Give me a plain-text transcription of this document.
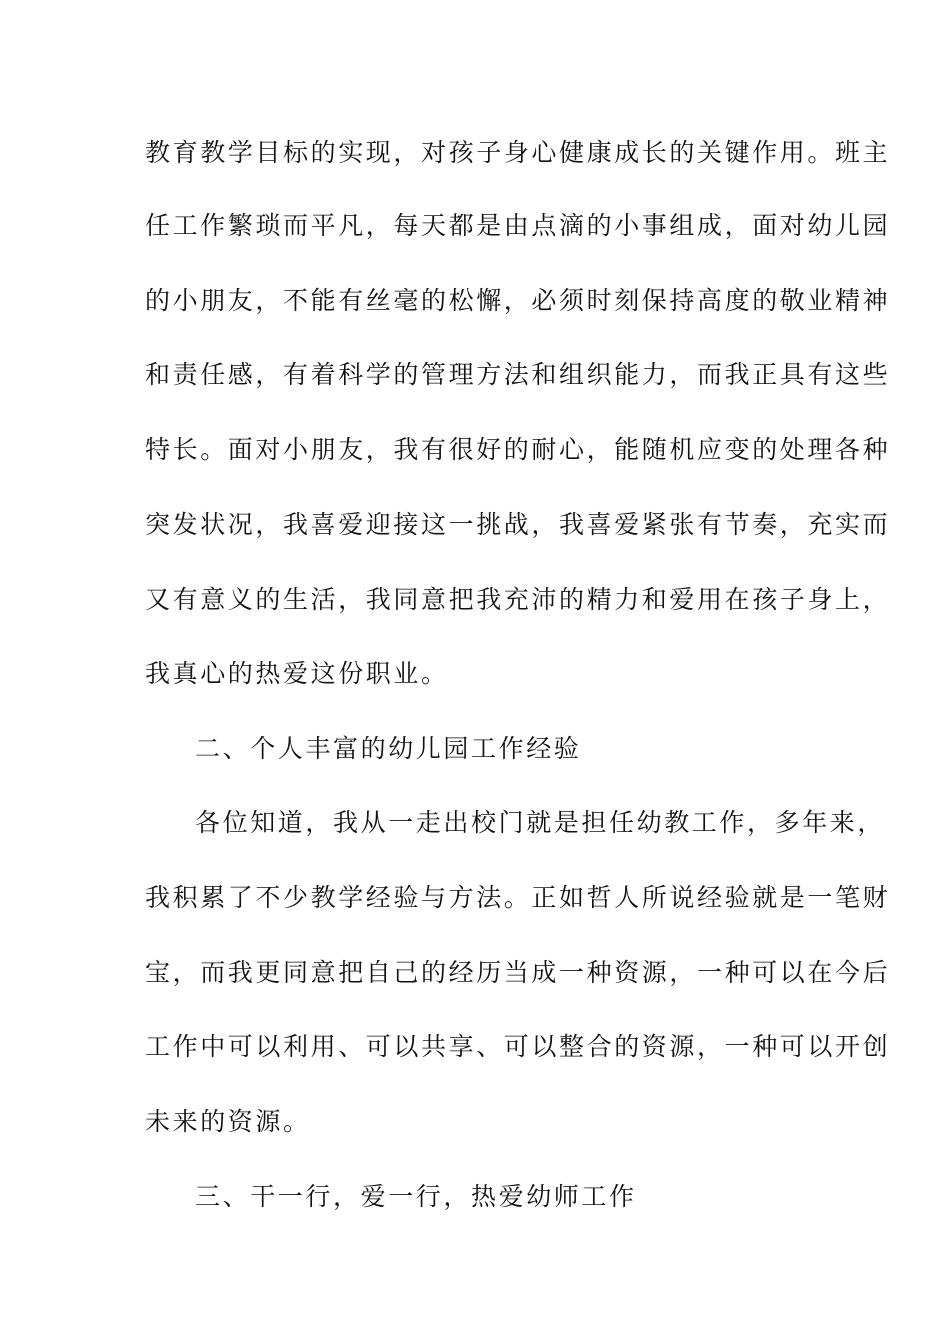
教育教学目标的实现，对孩子身心健康成长的关键作用。班主
任工作繁琐而平凡，每天都是由点滴的小事组成，面对幼儿园
的小朋友，不能有丝毫的松懈，必须时刻保持高度的敬业精神
和责任感，有着科学的管理方法和组织能力，而我正具有这些
特长。面对小朋友，我有很好的耐心，能随机应变的处理各种
突发状况，我喜爱迎接这一挑战，我喜爱紧张有节奏，充实而
又有意义的生活，我同意把我充沛的精力和爱用在孩子身上，
我真心的热爱这份职业。
二、个人丰富的幼儿园工作经验
各位知道，我从一走出校门就是担任幼教工作，多年来，
我积累了不少教学经验与方法。正如哲人所说经验就是一笔财
宝，而我更同意把自己的经历当成一种资源，一种可以在今后
工作中可以利用、可以共享、可以整合的资源，一种可以开创
未来的资源。
三、干一行，爱一行，热爱幼师工作
